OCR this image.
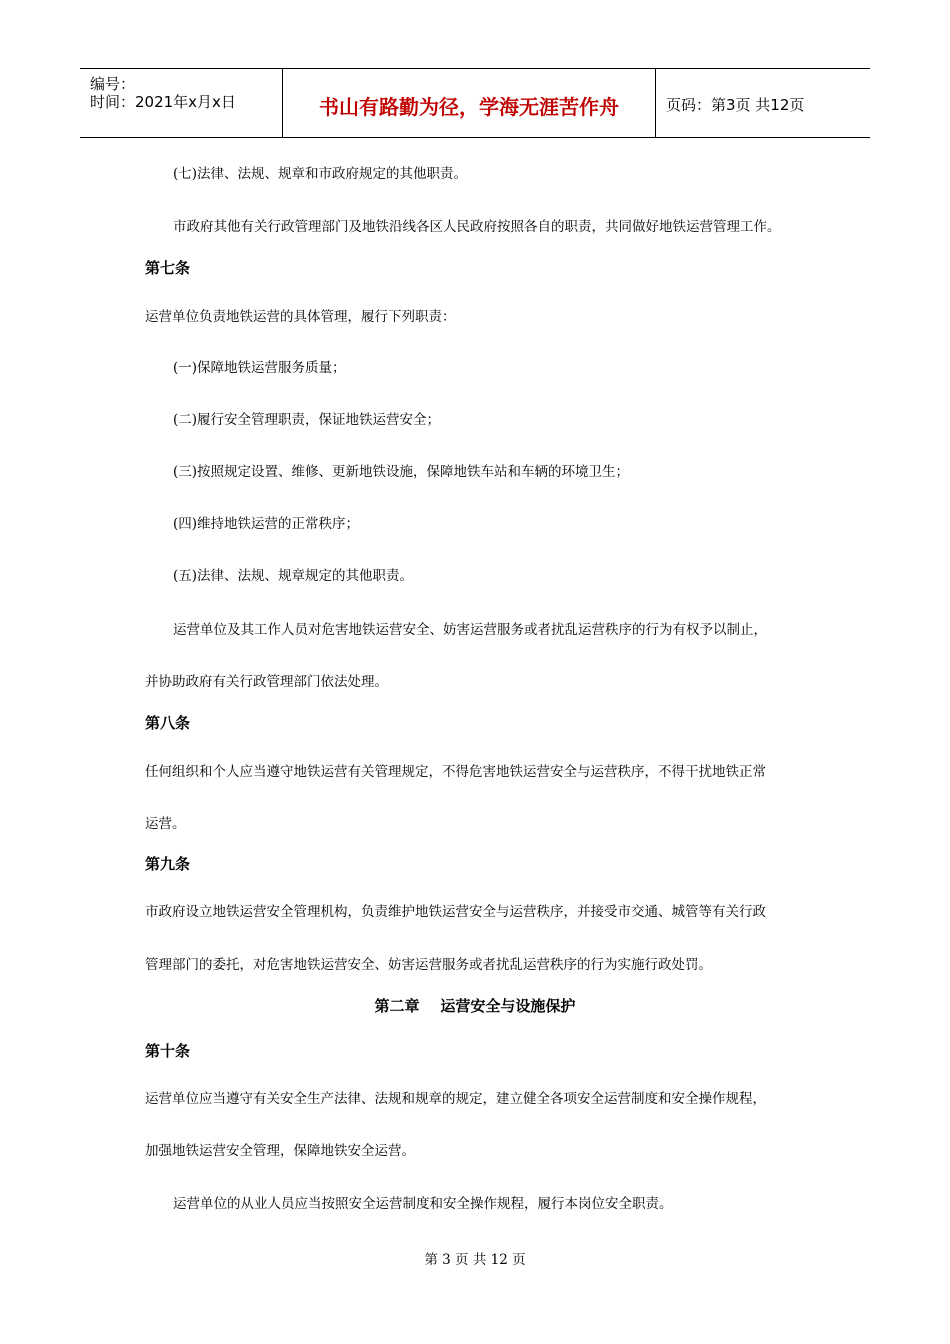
编号：
时间：2021年x月x日	书山有路勤为径，学海无涯苦作舟	页码：第3页 共12页
(七)法律、法规、规章和市政府规定的其他职责。
市政府其他有关行政管理部门及地铁沿线各区人民政府按照各自的职责，共同做好地铁运营管理工作。
第七条
运营单位负责地铁运营的具体管理，履行下列职责：
(一)保障地铁运营服务质量；
(二)履行安全管理职责，保证地铁运营安全；
(三)按照规定设置、维修、更新地铁设施，保障地铁车站和车辆的环境卫生；
(四)维持地铁运营的正常秩序；
(五)法律、法规、规章规定的其他职责。
运营单位及其工作人员对危害地铁运营安全、妨害运营服务或者扰乱运营秩序的行为有权予以制止，
并协助政府有关行政管理部门依法处理。
第八条
任何组织和个人应当遵守地铁运营有关管理规定，不得危害地铁运营安全与运营秩序，不得干扰地铁正常
运营。
第九条
市政府设立地铁运营安全管理机构，负责维护地铁运营安全与运营秩序，并接受市交通、城管等有关行政
管理部门的委托，对危害地铁运营安全、妨害运营服务或者扰乱运营秩序的行为实施行政处罚。
第二章    运营安全与设施保护
第十条
运营单位应当遵守有关安全生产法律、法规和规章的规定，建立健全各项安全运营制度和安全操作规程，
加强地铁运营安全管理，保障地铁安全运营。
运营单位的从业人员应当按照安全运营制度和安全操作规程，履行本岗位安全职责。
第 3 页 共 12 页
